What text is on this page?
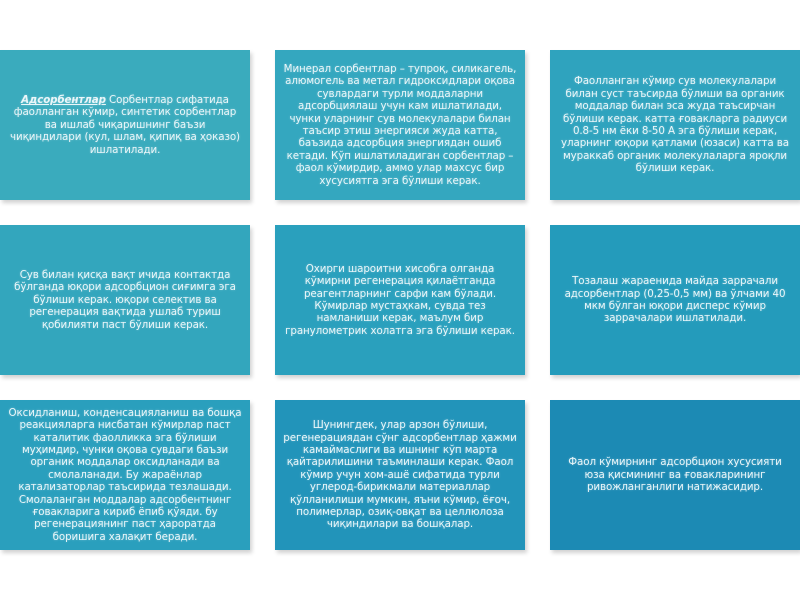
Адсорбентлар Сорбентлар сифатида фаолланган кўмир, синтетик сорбентлар ва ишлаб чиқаришнинг баъзи чиқиндилари (кул, шлам, қипиқ ва ҳоказо) ишлатилади.

Минерал сорбентлар – тупроқ, силикагель, алюмогель ва метал гидроксидлари оқова сувлардаги турли моддаларни адсорбциялаш учун кам ишлатилади, чунки уларнинг сув молекулалари билан таъсир этиш энергияси жуда катта, баъзида адсорбция энергиядан ошиб кетади. Кўп ишлатиладиган сорбентлар – фаол кўмирдир, аммо улар махсус бир хусусиятга эга бўлиши керак.

Фаолланган кўмир сув молекулалари билан суст таъсирда бўлиши ва органик моддалар билан эса жуда таъсирчан бўлиши керак. катта ғовакларга радиуси 0.8-5 нм ёки 8-50 А эга бўлиши керак, уларнинг юқори қатлами (юзаси) катта ва мураккаб органик молекулаларга яроқли бўлиши керак.

Сув билан қисқа вақт ичида контактда бўлганда юқори адсорбцион сиғимга эга бўлиши керак. юқори селектив ва регенерация вақтида ушлаб туриш қобилияти паст бўлиши керак.

Охирги шароитни хисобга олганда кўмирни регенерация қилаётганда реагентларнинг сарфи кам бўлади. Кўмирлар мустаҳкам, сувда тез намланиши керак, маълум бир гранулометрик холатга эга бўлиши керак.

Тозалаш жараенида майда заррачали адсорбентлар (0,25-0,5 мм) ва ўлчами 40 мкм бўлган юқори дисперс кўмир заррачалари ишлатилади.

Оксидланиш, конденсацияланиш ва бошқа реакцияларга нисбатан кўмирлар паст каталитик фаолликка эга бўлиши муҳимдир, чунки оқова сувдаги баъзи органик моддалар оксидланади ва смолаланади. Бу жараёнлар катализаторлар таъсирида тезлашади. Смолаланган моддалар адсорбентнинг ғовакларига кириб ёпиб қўяди. бу регенерациянинг паст ҳароратда боришига халақит беради.

Шунингдек, улар арзон бўлиши, регенерациядан сўнг адсорбентлар ҳажми камаймаслиги ва ишнинг кўп марта қайтарилишини таъминлаши керак. Фаол кўмир учун хом-ашё сифатида турли углерод-бирикмали материаллар қўлланилиши мумкин, яъни кўмир, ёғоч, полимерлар, озиқ-овқат ва целлюлоза чиқиндилари ва бошқалар.

Фаол кўмирнинг адсорбцион хусусияти юза қисмининг ва ғовакларининг ривожланганлиги натижасидир.
